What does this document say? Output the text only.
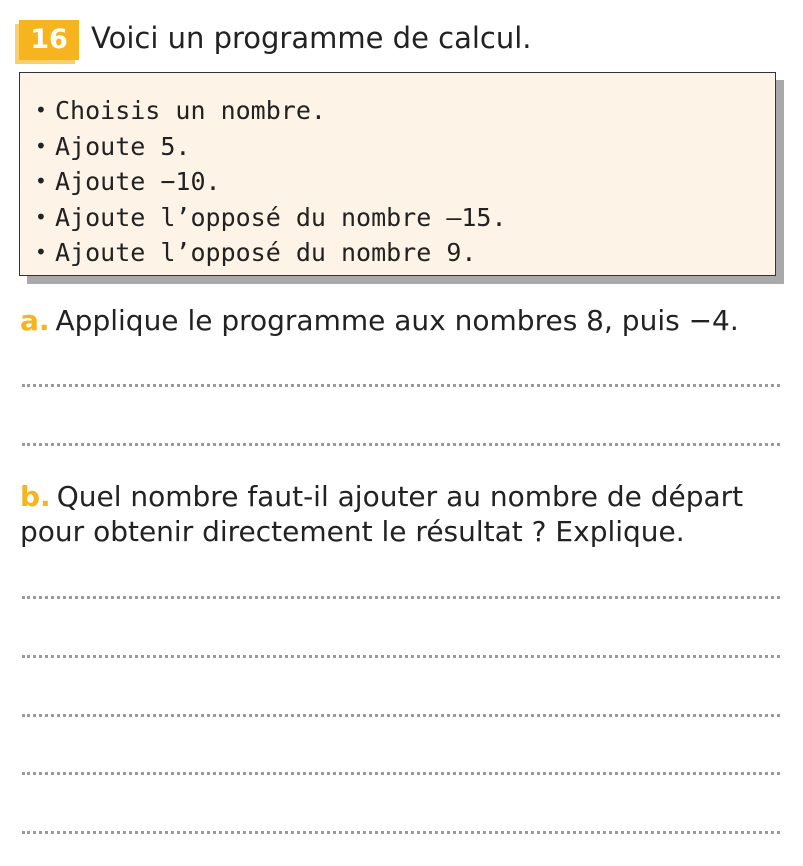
16 Voici un programme de calcul.
• Choisis un nombre.
• Ajoute 5.
• Ajoute −10.
• Ajoute l’opposé du nombre –15.
• Ajoute l’opposé du nombre 9.
a. Applique le programme aux nombres 8, puis −4.
b. Quel nombre faut-il ajouter au nombre de départ
pour obtenir directement le résultat ? Explique.
